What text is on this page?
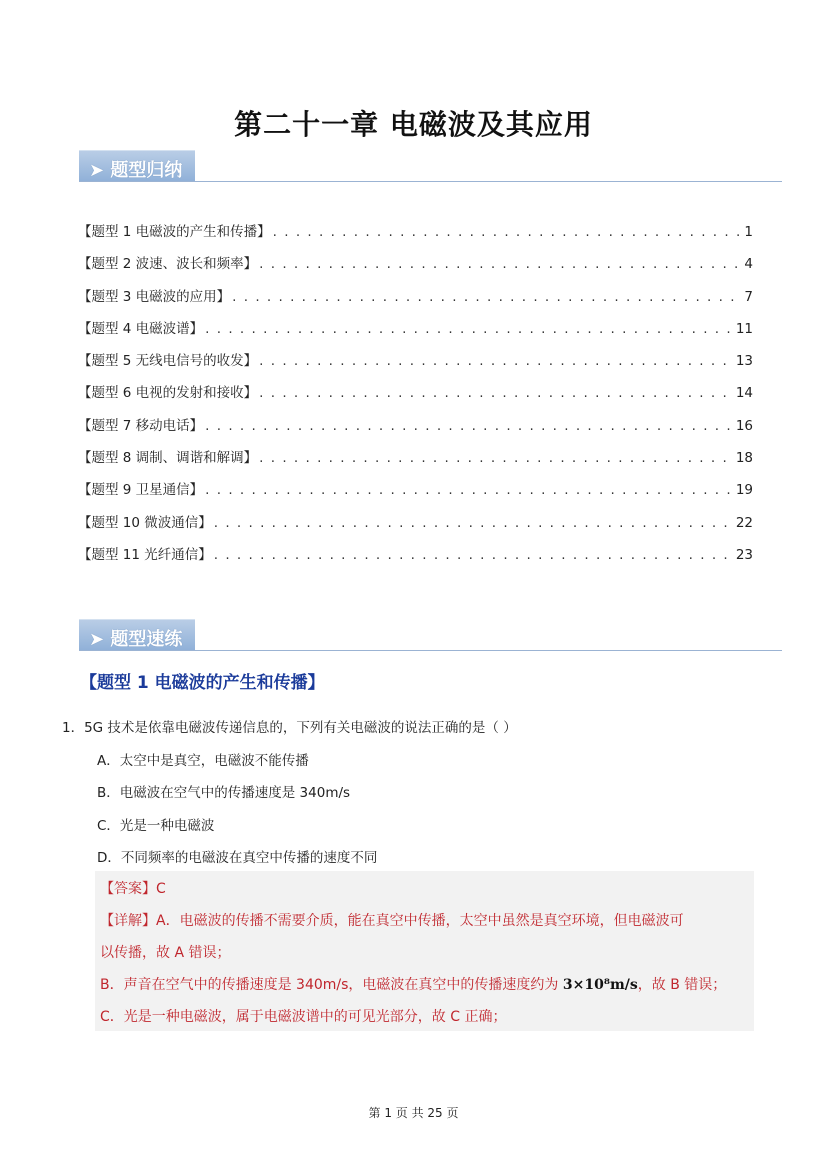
第二十一章 电磁波及其应用
➤ 题型归纳
【题型 1 电磁波的产生和传播】 . . .	1
【题型 2 波速、波长和频率】 . . .	4
【题型 3 电磁波的应用】 . . .	7
【题型 4 电磁波谱】 . . .	11
【题型 5 无线电信号的收发】 . . .	13
【题型 6 电视的发射和接收】 . . .	14
【题型 7 移动电话】 . . .	16
【题型 8 调制、调谐和解调】 . . .	18
【题型 9 卫星通信】 . . .	19
【题型 10 微波通信】 . . .	22
【题型 11 光纤通信】 . . .	23
➤ 题型速练
【题型 1 电磁波的产生和传播】
1．5G 技术是依靠电磁波传递信息的，下列有关电磁波的说法正确的是（ ）
A．太空中是真空，电磁波不能传播
B．电磁波在空气中的传播速度是 340m/s
C．光是一种电磁波
D．不同频率的电磁波在真空中传播的速度不同
【答案】C
【详解】A．电磁波的传播不需要介质，能在真空中传播，太空中虽然是真空环境，但电磁波可
以传播，故 A 错误；
B．声音在空气中的传播速度是 340m/s，电磁波在真空中的传播速度约为 3×10⁸m/s，故 B 错误；
C．光是一种电磁波，属于电磁波谱中的可见光部分，故 C 正确；
第 1 页 共 25 页
